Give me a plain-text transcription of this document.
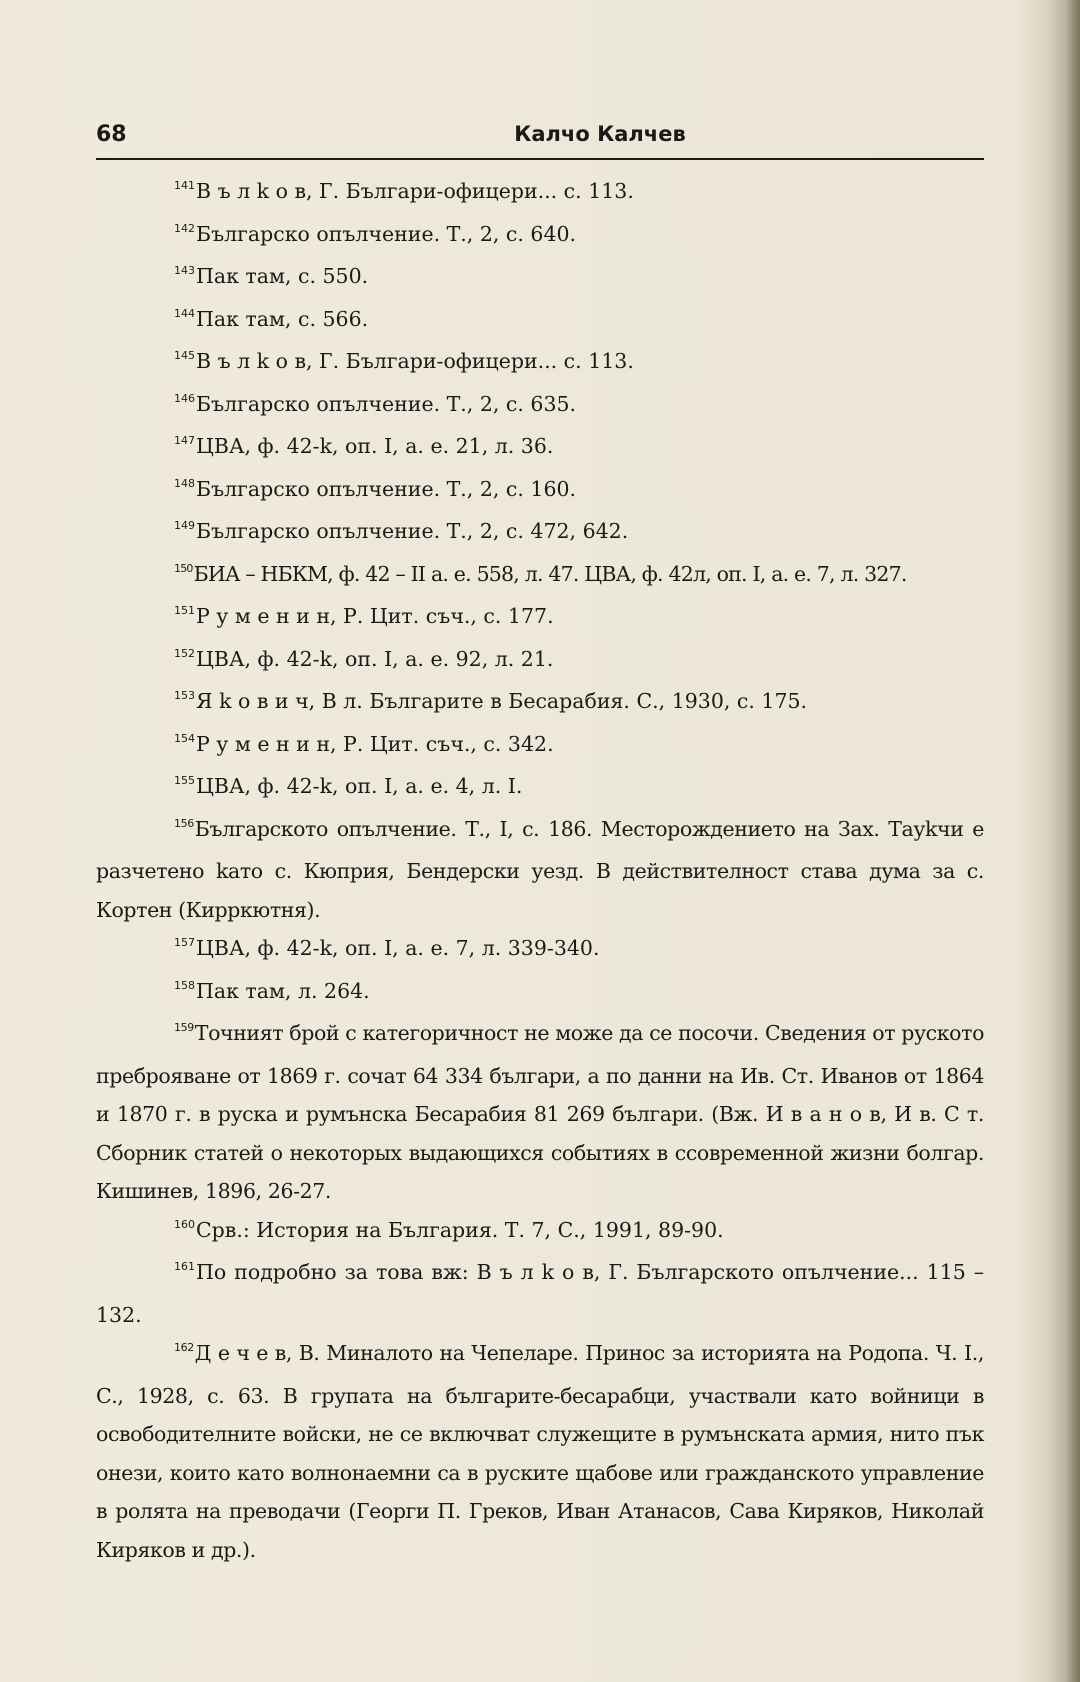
68	Калчо Калчев

$^{141}$В ъ л k о в, Г. Българи-офицери... с. 113.

$^{142}$Българско опълчение. Т., 2, с. 640.

$^{143}$Пак там, с. 550.

$^{144}$Пак там, с. 566.

$^{145}$В ъ л k о в, Г. Българи-офицери... с. 113.

$^{146}$Българско опълчение. Т., 2, с. 635.

$^{147}$ЦВА, ф. 42-k, оп. I, а. е. 21, л. 36.

$^{148}$Българско опълчение. Т., 2, с. 160.

$^{149}$Българско опълчение. Т., 2, с. 472, 642.

$^{150}$БИА – НБКМ, ф. 42 – II а. е. 558, л. 47. ЦВА, ф. 42л, оп. I, а. е. 7, л. 327.

$^{151}$Р у м е н и н, Р. Цит. съч., с. 177.

$^{152}$ЦВА, ф. 42-k, оп. I, а. е. 92, л. 21.

$^{153}$Я k о в и ч, В л. Българите в Бесарабия. С., 1930, с. 175.

$^{154}$Р у м е н и н, Р. Цит. съч., с. 342.

$^{155}$ЦВА, ф. 42-k, оп. I, а. е. 4, л. I.

$^{156}$Българското опълчение. Т., I, с. 186. Месторождението на Зах. Тауkчи е разчетено kато с. Кюприя, Бендерски уезд. В действителност става дума за с. Кортен (Кирркютня).

$^{157}$ЦВА, ф. 42-k, оп. I, а. е. 7, л. 339-340.

$^{158}$Пак там, л. 264.

$^{159}$Точният брой с категоричност не може да се посочи. Сведения от руското преброяване от 1869 г. сочат 64 334 българи, а по данни на Ив. Ст. Иванов от 1864 и 1870 г. в руска и румънска Бесарабия 81 269 българи. (Вж. И в а н о в, И в. С т. Сборник статей о некоторых выдающихся событиях в ссовременной жизни болгар. Кишинев, 1896, 26-27.

$^{160}$Срв.: История на България. Т. 7, С., 1991, 89-90.

$^{161}$По подробно за това вж: В ъ л k о в, Г. Българското опълчение... 115 – 132.

$^{162}$Д е ч е в, В. Миналото на Чепеларе. Принос за историята на Родопа. Ч. I., С., 1928, с. 63. В групата на българите-бесарабци, участвали като войници в освободителните войски, не се включват служещите в румънската армия, нито пък онези, които като волнонаемни са в руските щабове или гражданското управление в ролята на преводачи (Георги П. Греков, Иван Атанасов, Сава Киряков, Николай Киряков и др.).
